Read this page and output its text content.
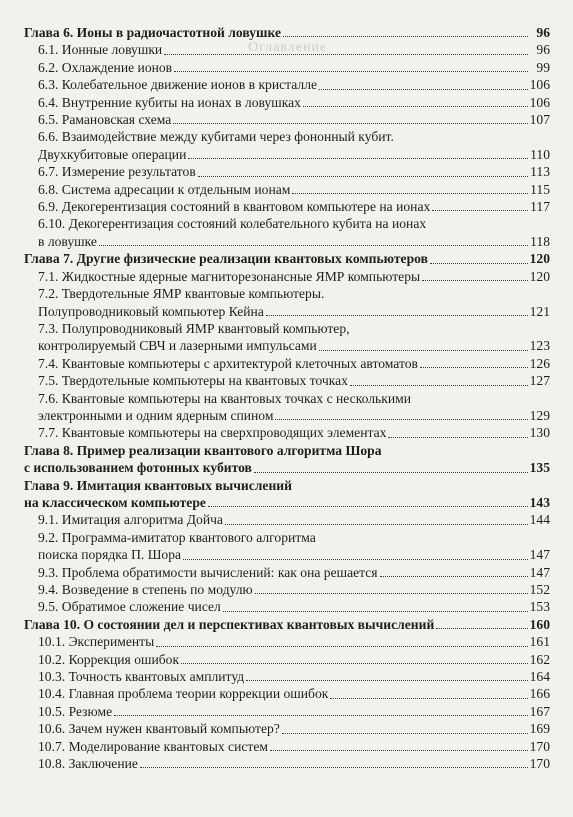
Оглавление
Глава 6. Ионы в радиочастотной ловушке	96
6.1. Ионные ловушки	96
6.2. Охлаждение ионов	99
6.3. Колебательное движение ионов в кристалле	106
6.4. Внутренние кубиты на ионах в ловушках	106
6.5. Рамановская схема	107
6.6. Взаимодействие между кубитами через фононный кубит.
Двухкубитовые операции	110
6.7. Измерение результатов	113
6.8. Система адресации к отдельным ионам	115
6.9. Декогерентизация состояний в квантовом компьютере на ионах	117
6.10. Декогерентизация состояний колебательного кубита на ионах
в ловушке	118
Глава 7. Другие физические реализации квантовых компьютеров	120
7.1. Жидкостные ядерные магниторезонансные ЯМР компьютеры	120
7.2. Твердотельные ЯМР квантовые компьютеры.
Полупроводниковый компьютер Кейна	121
7.3. Полупроводниковый ЯМР квантовый компьютер,
контролируемый СВЧ и лазерными импульсами	123
7.4. Квантовые компьютеры с архитектурой клеточных автоматов	126
7.5. Твердотельные компьютеры на квантовых точках	127
7.6. Квантовые компьютеры на квантовых точках с несколькими
электронными и одним ядерным спином	129
7.7. Квантовые компьютеры на сверхпроводящих элементах	130
Глава 8. Пример реализации квантового алгоритма Шора
с использованием фотонных кубитов	135
Глава 9. Имитация квантовых вычислений
на классическом компьютере	143
9.1. Имитация алгоритма Дойча	144
9.2. Программа-имитатор квантового алгоритма
поиска порядка П. Шора	147
9.3. Проблема обратимости вычислений: как она решается	147
9.4. Возведение в степень по модулю	152
9.5. Обратимое сложение чисел	153
Глава 10. О состоянии дел и перспективах квантовых вычислений	160
10.1. Эксперименты	161
10.2. Коррекция ошибок	162
10.3. Точность квантовых амплитуд	164
10.4. Главная проблема теории коррекции ошибок	166
10.5. Резюме	167
10.6. Зачем нужен квантовый компьютер?	169
10.7. Моделирование квантовых систем	170
10.8. Заключение	170
